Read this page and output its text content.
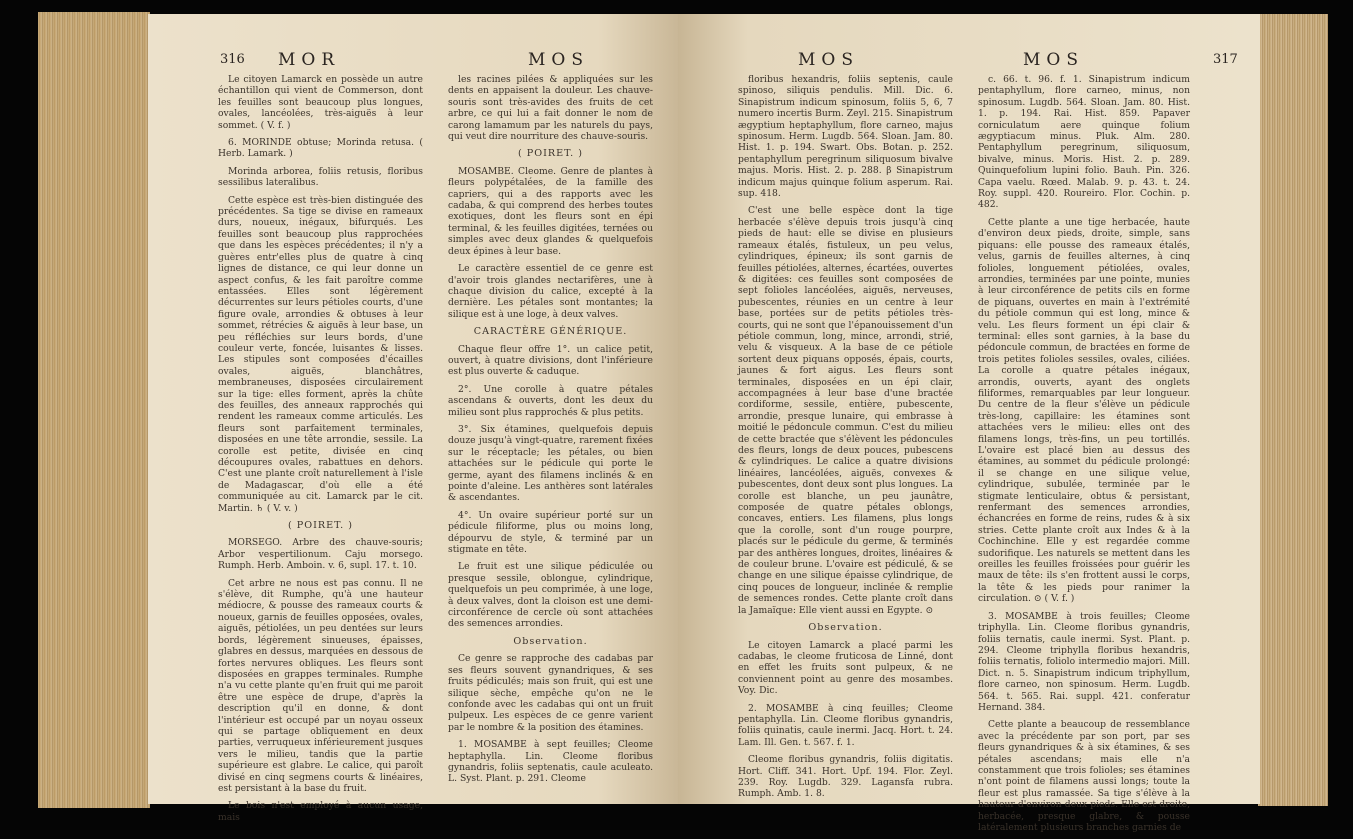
316 MOR	MOS

Le citoyen Lamarck en possède un autre échantillon qui vient de Commerson, dont les feuilles sont beaucoup plus longues, ovales, lancéolées, très-aiguës à leur sommet. ( V. f. )

6. MORINDE obtuse; Morinda retusa. ( Herb. Lamark. )

Morinda arborea, foliis retusis, floribus sessilibus lateralibus.

Cette espèce est très-bien distinguée des précédentes. Sa tige se divise en rameaux durs, noueux, inégaux, bifurqués. Les feuilles sont beaucoup plus rapprochées que dans les espèces précédentes; il n'y a guères entr'elles plus de quatre à cinq lignes de distance, ce qui leur donne un aspect confus, & les fait paroître comme entassées. Elles sont légèrement décurrentes sur leurs pétioles courts, d'une figure ovale, arrondies & obtuses à leur sommet, rétrécies & aiguës à leur base, un peu réfléchies sur leurs bords, d'une couleur verte, foncée, luisantes & lisses. Les stipules sont composées d'écailles ovales, aiguës, blanchâtres, membraneuses, disposées circulairement sur la tige: elles forment, après la chûte des feuilles, des anneaux rapprochés qui rendent les rameaux comme articulés. Les fleurs sont parfaitement terminales, disposées en une tête arrondie, sessile. La corolle est petite, divisée en cinq découpures ovales, rabattues en dehors. C'est une plante croît naturellement à l'isle de Madagascar, d'où elle a été communiquée au cit. Lamarck par le cit. Martin. ♄ ( V. v. )

( POIRET. )

MORSEGO. Arbre des chauve-souris; Arbor vespertilionum. Caju morsego. Rumph. Herb. Amboin. v. 6, supl. 17. t. 10.

Cet arbre ne nous est pas connu. Il ne s'élève, dit Rumphe, qu'à une hauteur médiocre, & pousse des rameaux courts & noueux, garnis de feuilles opposées, ovales, aiguës, pétiolées, un peu dentées sur leurs bords, légèrement sinueuses, épaisses, glabres en dessus, marquées en dessous de fortes nervures obliques. Les fleurs sont disposées en grappes terminales. Rumphe n'a vu cette plante qu'en fruit qui me paroit être une espèce de drupe, d'après la description qu'il en donne, & dont l'intérieur est occupé par un noyau osseux qui se partage obliquement en deux parties, verruqueux inférieurement jusques vers le milieu, tandis que la partie supérieure est glabre. Le calice, qui paroît divisé en cinq segmens courts & linéaires, est persistant à la base du fruit.

Le bois n'est employé à aucun usage, mais

les racines pilées & appliquées sur les dents en appaisent la douleur. Les chauve-souris sont très-avides des fruits de cet arbre, ce qui lui a fait donner le nom de carong lamamum par les naturels du pays, qui veut dire nourriture des chauve-souris.

( POIRET. )

MOSAMBE. Cleome. Genre de plantes à fleurs polypétalées, de la famille des capriers, qui a des rapports avec les cadaba, & qui comprend des herbes toutes exotiques, dont les fleurs sont en épi terminal, & les feuilles digitées, ternées ou simples avec deux glandes & quelquefois deux épines à leur base.

Le caractère essentiel de ce genre est d'avoir trois glandes nectarifères, une à chaque division du calice, excepté à la dernière. Les pétales sont montantes; la silique est à une loge, à deux valves.

CARACTÈRE GÉNÉRIQUE.

Chaque fleur offre 1°. un calice petit, ouvert, à quatre divisions, dont l'inférieure est plus ouverte & caduque.

2°. Une corolle à quatre pétales ascendans & ouverts, dont les deux du milieu sont plus rapprochés & plus petits.

3°. Six étamines, quelquefois depuis douze jusqu'à vingt-quatre, rarement fixées sur le réceptacle; les pétales, ou bien attachées sur le pédicule qui porte le germe, ayant des filamens inclinés & en pointe d'aleine. Les anthères sont latérales & ascendantes.

4°. Un ovaire supérieur porté sur un pédicule filiforme, plus ou moins long, dépourvu de style, & terminé par un stigmate en tête.

Le fruit est une silique pédiculée ou presque sessile, oblongue, cylindrique, quelquefois un peu comprimée, à une loge, à deux valves, dont la cloison est une demi-circonférence de cercle où sont attachées des semences arrondies.

Observation.

Ce genre se rapproche des cadabas par ses fleurs souvent gynandriques, & ses fruits pédiculés; mais son fruit, qui est une silique sèche, empêche qu'on ne le confonde avec les cadabas qui ont un fruit pulpeux. Les espèces de ce genre varient par le nombre & la position des étamines.

1. MOSAMBE à sept feuilles; Cleome heptaphylla. Lin. Cleome floribus gynandris, foliis septenatis, caule aculeato. L. Syst. Plant. p. 291. Cleome

MOS	MOS	317

floribus hexandris, foliis septenis, caule spinoso, siliquis pendulis. Mill. Dic. 6. Sinapistrum indicum spinosum, foliis 5, 6, 7 numero incertis Burm. Zeyl. 215. Sinapistrum ægyptium heptaphyllum, flore carneo, majus spinosum. Herm. Lugdb. 564. Sloan. Jam. 80. Hist. 1. p. 194. Swart. Obs. Botan. p. 252. pentaphyllum peregrinum siliquosum bivalve majus. Moris. Hist. 2. p. 288. β Sinapistrum indicum majus quinque folium asperum. Rai. sup. 418.

C'est une belle espèce dont la tige herbacée s'élève depuis trois jusqu'à cinq pieds de haut: elle se divise en plusieurs rameaux étalés, fistuleux, un peu velus, cylindriques, épineux; ils sont garnis de feuilles pétiolées, alternes, écartées, ouvertes & digitées: ces feuilles sont composées de sept folioles lancéolées, aiguës, nerveuses, pubescentes, réunies en un centre à leur base, portées sur de petits pétioles très-courts, qui ne sont que l'épanouissement d'un pétiole commun, long, mince, arrondi, strié, velu & visqueux. A la base de ce pétiole sortent deux piquans opposés, épais, courts, jaunes & fort aigus. Les fleurs sont terminales, disposées en un épi clair, accompagnées à leur base d'une bractée cordiforme, sessile, entière, pubescente, arrondie, presque lunaire, qui embrasse à moitié le pédoncule commun. C'est du milieu de cette bractée que s'élèvent les pédoncules des fleurs, longs de deux pouces, pubescens & cylindriques. Le calice a quatre divisions linéaires, lancéolées, aiguës, convexes & pubescentes, dont deux sont plus longues. La corolle est blanche, un peu jaunâtre, composée de quatre pétales oblongs, concaves, entiers. Les filamens, plus longs que la corolle, sont d'un rouge pourpre, placés sur le pédicule du germe, & terminés par des anthères longues, droites, linéaires & de couleur brune. L'ovaire est pédiculé, & se change en une silique épaisse cylindrique, de cinq pouces de longueur, inclinée & remplie de semences rondes. Cette plante croît dans la Jamaïque: Elle vient aussi en Egypte. ⊙

Observation.

Le citoyen Lamarck a placé parmi les cadabas, le cleome fruticosa de Linné, dont en effet les fruits sont pulpeux, & ne conviennent point au genre des mosambes. Voy. Dic.

2. MOSAMBE à cinq feuilles; Cleome pentaphylla. Lin. Cleome floribus gynandris, foliis quinatis, caule inermi. Jacq. Hort. t. 24. Lam. Ill. Gen. t. 567. f. 1.

Cleome floribus gynandris, foliis digitatis. Hort. Cliff. 341. Hort. Upf. 194. Flor. Zeyl. 239. Roy. Lugdb. 329. Lagansfa rubra. Rumph. Amb. 1. 8.

c. 66. t. 96. f. 1. Sinapistrum indicum pentaphyllum, flore carneo, minus, non spinosum. Lugdb. 564. Sloan. Jam. 80. Hist. 1. p. 194. Rai. Hist. 859. Papaver corniculatum aere quinque folium ægyptiacum minus. Pluk. Alm. 280. Pentaphyllum peregrinum, siliquosum, bivalve, minus. Moris. Hist. 2. p. 289. Quinquefolium lupini folio. Bauh. Pin. 326. Capa vaelu. Rœed. Malab. 9. p. 43. t. 24. Roy. suppl. 420. Roureiro. Flor. Cochin. p. 482.

Cette plante a une tige herbacée, haute d'environ deux pieds, droite, simple, sans piquans: elle pousse des rameaux étalés, velus, garnis de feuilles alternes, à cinq folioles, longuement pétiolées, ovales, arrondies, terminées par une pointe, munies à leur circonférence de petits cils en forme de piquans, ouvertes en main à l'extrémité du pétiole commun qui est long, mince & velu. Les fleurs forment un épi clair & terminal: elles sont garnies, à la base du pédoncule commun, de bractées en forme de trois petites folioles sessiles, ovales, ciliées. La corolle a quatre pétales inégaux, arrondis, ouverts, ayant des onglets filiformes, remarquables par leur longueur. Du centre de la fleur s'élève un pédicule très-long, capillaire: les étamines sont attachées vers le milieu: elles ont des filamens longs, très-fins, un peu tortillés. L'ovaire est placé bien au dessus des étamines, au sommet du pédicule prolongé: il se change en une silique velue, cylindrique, subulée, terminée par le stigmate lenticulaire, obtus & persistant, renfermant des semences arrondies, échancrées en forme de reins, rudes & à six stries. Cette plante croît aux Indes & à la Cochinchine. Elle y est regardée comme sudorifique. Les naturels se mettent dans les oreilles les feuilles froissées pour guérir les maux de tête: ils s'en frottent aussi le corps, la tête & les pieds pour ranimer la circulation. ⊙ ( V. f. )

3. MOSAMBE à trois feuilles; Cleome triphylla. Lin. Cleome floribus gynandris, foliis ternatis, caule inermi. Syst. Plant. p. 294. Cleome triphylla floribus hexandris, foliis ternatis, foliolo intermedio majori. Mill. Dict. n. 5. Sinapistrum indicum triphyllum, flore carneo, non spinosum. Herm. Lugdb. 564. t. 565. Rai. suppl. 421. conferatur Hernand. 384.

Cette plante a beaucoup de ressemblance avec la précédente par son port, par ses fleurs gynandriques & à six étamines, & ses pétales ascendans; mais elle n'a constamment que trois folioles; ses étamines n'ont point de filamens aussi longs; toute la fleur est plus ramassée. Sa tige s'élève à la hauteur d'environ deux pieds. Elle est droite, herbacée, presque glabre, & pousse latéralement plusieurs branches garnies de
